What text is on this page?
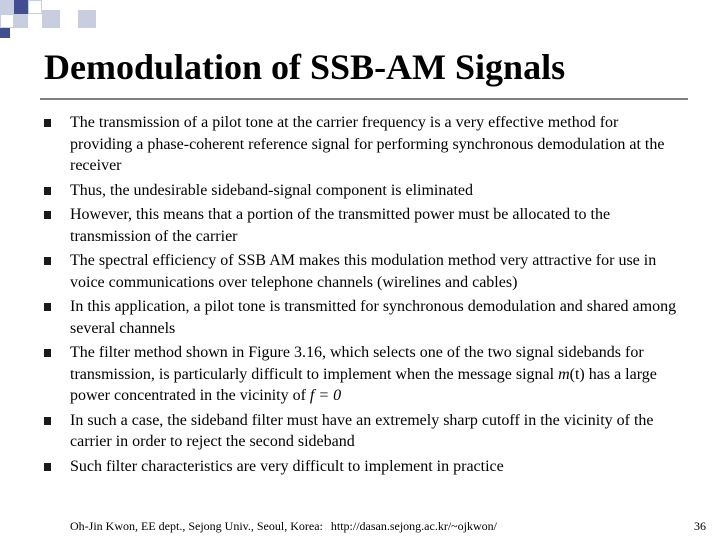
Demodulation of SSB-AM Signals
The transmission of a pilot tone at the carrier frequency is a very effective method for providing a phase-coherent reference signal for performing synchronous demodulation at the receiver
Thus, the undesirable sideband-signal component is eliminated
However, this means that a portion of the transmitted power must be allocated to the transmission of the carrier
The spectral efficiency of SSB AM makes this modulation method very attractive for use in voice communications over telephone channels (wirelines and cables)
In this application, a pilot tone is transmitted for synchronous demodulation and shared among several channels
The filter method shown in Figure 3.16, which selects one of the two signal sidebands for transmission, is particularly difficult to implement when the message signal m(t) has a large power concentrated in the vicinity of f = 0
In such a case, the sideband filter must have an extremely sharp cutoff in the vicinity of the carrier in order to reject the second sideband
Such filter characteristics are very difficult to implement in practice
Oh-Jin Kwon, EE dept., Sejong Univ., Seoul, Korea: http://dasan.sejong.ac.kr/~ojkwon/	36
